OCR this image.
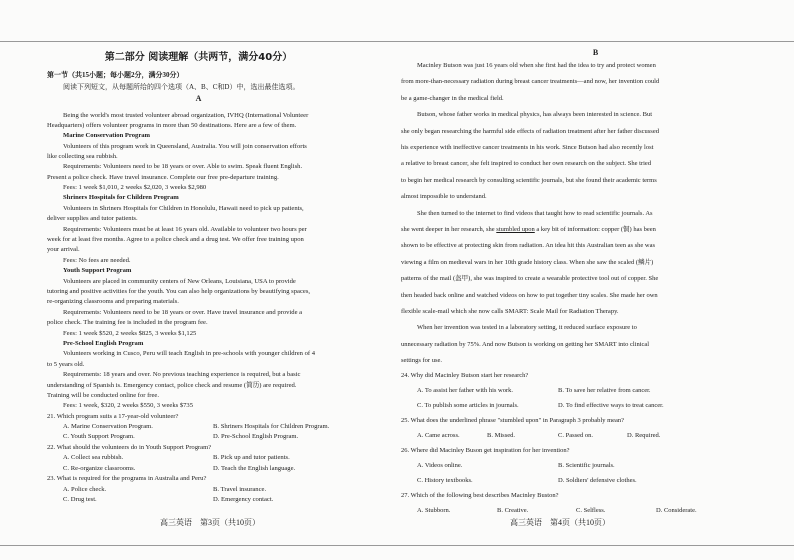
第二部分 阅读理解（共两节，满分40分）
第一节（共15小题；每小题2分，满分30分）
阅读下列短文，从每题所给的四个选项（A、B、C和D）中，选出最佳选项。
A
Being the world's most trusted volunteer abroad organization, IVHQ (International Volunteer
Headquarters) offers volunteer programs in more than 50 destinations. Here are a few of them.
Marine Conservation Program
Volunteers of this program work in Queensland, Australia. You will join conservation efforts
like collecting sea rubbish.
Requirements: Volunteers need to be 18 years or over. Able to swim. Speak fluent English.
Present a police check. Have travel insurance. Complete our free pre-departure training.
Fees: 1 week $1,010, 2 weeks $2,020, 3 weeks $2,980
Shriners Hospitals for Children Program
Volunteers in Shriners Hospitals for Children in Honolulu, Hawaii need to pick up patients,
deliver supplies and tutor patients.
Requirements: Volunteers must be at least 16 years old. Available to volunteer two hours per
week for at least five months. Agree to a police check and a drug test. We offer free training upon
your arrival.
Fees: No fees are needed.
Youth Support Program
Volunteers are placed in community centers of New Orleans, Louisiana, USA to provide
tutoring and positive activities for the youth. You can also help organizations by beautifying spaces,
re-organizing classrooms and preparing materials.
Requirements: Volunteers need to be 18 years or over. Have travel insurance and provide a
police check. The training fee is included in the program fee.
Fees: 1 week $520, 2 weeks $825, 3 weeks $1,125
Pre-School English Program
Volunteers working in Cusco, Peru will teach English in pre-schools with younger children of 4
to 5 years old.
Requirements: 18 years and over. No previous teaching experience is required, but a basic
understanding of Spanish is. Emergency contact, police check and resume (简历) are required.
Training will be conducted online for free.
Fees: 1 week, $320, 2 weeks $550, 3 weeks $735
21. Which program suits a 17-year-old volunteer?
A. Marine Conservation Program.	B. Shriners Hospitals for Children Program.
C. Youth Support Program.	D. Pre-School English Program.
22. What should the volunteers do in Youth Support Program?
A. Collect sea rubbish.	B. Pick up and tutor patients.
C. Re-organize classrooms.	D. Teach the English language.
23. What is required for the programs in Australia and Peru?
A. Police check.	B. Travel insurance.
C. Drug test.	D. Emergency contact.
高三英语　第3页（共10页）
B
Macinley Butson was just 16 years old when she first had the idea to try and protect women
from more-than-necessary radiation during breast cancer treatments—and now, her invention could
be a game-changer in the medical field.
Butson, whose father works in medical physics, has always been interested in science. But
she only began researching the harmful side effects of radiation treatment after her father discussed
his experience with ineffective cancer treatments in his work. Since Butson had also recently lost
a relative to breast cancer, she felt inspired to conduct her own research on the subject. She tried
to begin her medical research by consulting scientific journals, but she found their academic terms
almost impossible to understand.
She then turned to the internet to find videos that taught how to read scientific journals. As
she went deeper in her research, she stumbled upon a key bit of information: copper (铜) has been
shown to be effective at protecting skin from radiation. An idea hit this Australian teen as she was
viewing a film on medieval wars in her 10th grade history class. When she saw the scaled (鳞片)
patterns of the mail (盔甲), she was inspired to create a wearable protective tool out of copper. She
then headed back online and watched videos on how to put together tiny scales. She made her own
flexible scale-mail which she now calls SMART: Scale Mail for Radiation Therapy.
When her invention was tested in a laboratory setting, it reduced surface exposure to
unnecessary radiation by 75%. And now Butson is working on getting her SMART into clinical
settings for use.
24. Why did Macinley Butson start her research?
A. To assist her father with his work.	B. To save her relative from cancer.
C. To publish some articles in journals.	D. To find effective ways to treat cancer.
25. What does the underlined phrase "stumbled upon" in Paragraph 3 probably mean?
A. Came across.	B. Missed.	C. Passed on.	D. Required.
26. Where did Macinley Buson get inspiration for her invention?
A. Videos online.	B. Scientific journals.
C. History textbooks.	D. Soldiers' defensive clothes.
27. Which of the following best describes Macinley Buston?
A. Stubborn.	B. Creative.	C. Selfless.	D. Considerate.
高三英语　第4页（共10页）
